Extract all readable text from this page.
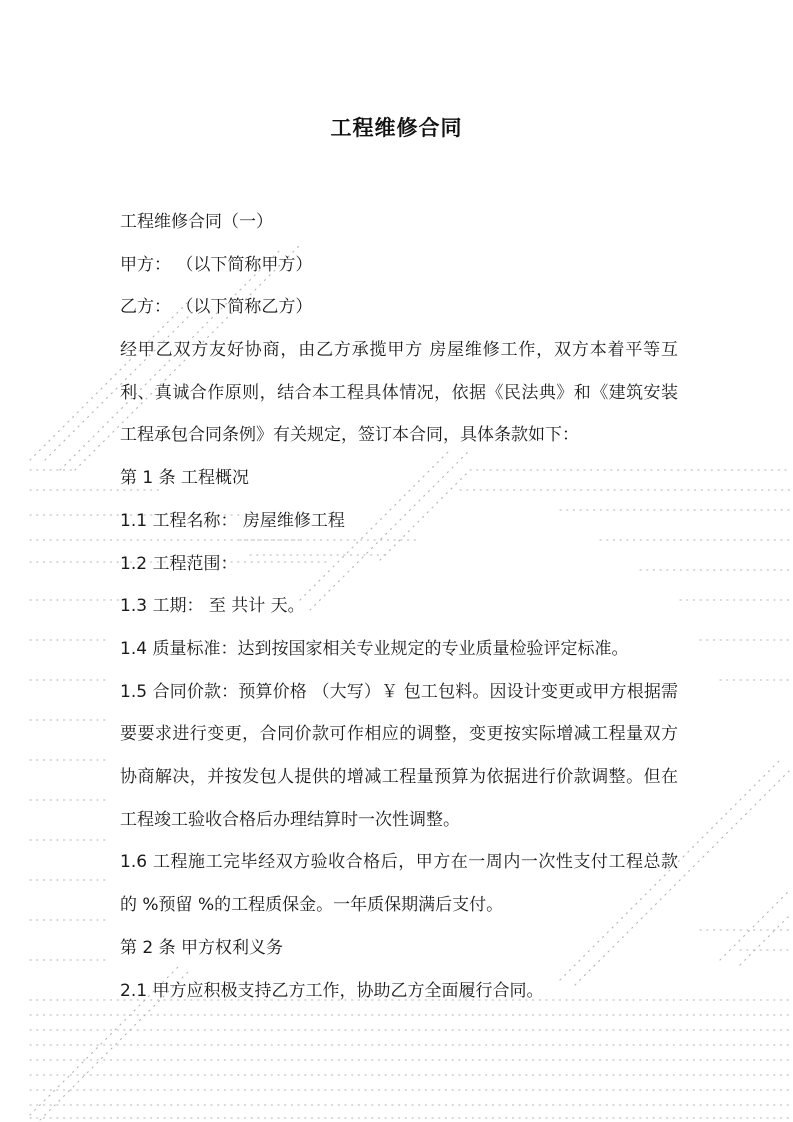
工程维修合同
工程维修合同（一）
甲方： （以下简称甲方）
乙方： （以下简称乙方）
经甲乙双方友好协商，由乙方承揽甲方 房屋维修工作，双方本着平等互利、真诚合作原则，结合本工程具体情况，依据《民法典》和《建筑安装工程承包合同条例》有关规定，签订本合同，具体条款如下：
第 1 条 工程概况
1.1 工程名称： 房屋维修工程
1.2 工程范围：
1.3 工期： 至 共计 天。
1.4 质量标准：达到按国家相关专业规定的专业质量检验评定标准。
1.5 合同价款：预算价格 （大写）￥ 包工包料。因设计变更或甲方根据需要要求进行变更，合同价款可作相应的调整，变更按实际增减工程量双方协商解决，并按发包人提供的增减工程量预算为依据进行价款调整。但在工程竣工验收合格后办理结算时一次性调整。
1.6 工程施工完毕经双方验收合格后，甲方在一周内一次性支付工程总款的 %预留 %的工程质保金。一年质保期满后支付。
第 2 条 甲方权利义务
2.1 甲方应积极支持乙方工作，协助乙方全面履行合同。
